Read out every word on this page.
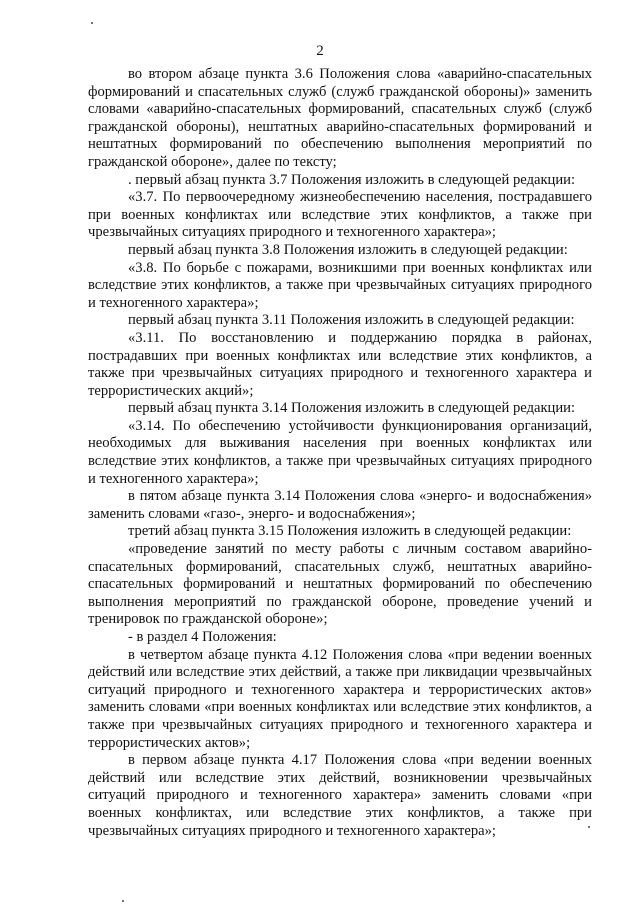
2

во втором абзаце пункта 3.6 Положения слова «аварийно-спасательных формирований и спасательных служб (служб гражданской обороны)» заменить словами «аварийно-спасательных формирований, спасательных служб (служб гражданской обороны), нештатных аварийно-спасательных формирований и нештатных формирований по обеспечению выполнения мероприятий по гражданской обороне», далее по тексту;

. первый абзац пункта 3.7 Положения изложить в следующей редакции:

«3.7. По первоочередному жизнеобеспечению населения, пострадавшего при военных конфликтах или вследствие этих конфликтов, а также при чрезвычайных ситуациях природного и техногенного характера»;

первый абзац пункта 3.8 Положения изложить в следующей редакции:

«3.8. По борьбе с пожарами, возникшими при военных конфликтах или вследствие этих конфликтов, а также при чрезвычайных ситуациях природного и техногенного характера»;

первый абзац пункта 3.11 Положения изложить в следующей редакции:

«3.11. По восстановлению и поддержанию порядка в районах, пострадавших при военных конфликтах или вследствие этих конфликтов, а также при чрезвычайных ситуациях природного и техногенного характера и террористических акций»;

первый абзац пункта 3.14 Положения изложить в следующей редакции:

«3.14. По обеспечению устойчивости функционирования организаций, необходимых для выживания населения при военных конфликтах или вследствие этих конфликтов, а также при чрезвычайных ситуациях природного и техногенного характера»;

в пятом абзаце пункта 3.14 Положения слова «энерго- и водоснабжения» заменить словами «газо-, энерго- и водоснабжения»;

третий абзац пункта 3.15 Положения изложить в следующей редакции:

«проведение занятий по месту работы с личным составом аварийно-спасательных формирований, спасательных служб, нештатных аварийно-спасательных формирований и нештатных формирований по обеспечению выполнения мероприятий по гражданской обороне, проведение учений и тренировок по гражданской обороне»;

- в раздел 4 Положения:

в четвертом абзаце пункта 4.12 Положения слова «при ведении военных действий или вследствие этих действий, а также при ликвидации чрезвычайных ситуаций природного и техногенного характера и террористических актов» заменить словами «при военных конфликтах или вследствие этих конфликтов, а также при чрезвычайных ситуациях природного и техногенного характера и террористических актов»;

в первом абзаце пункта 4.17 Положения слова «при ведении военных действий или вследствие этих действий, возникновении чрезвычайных ситуаций природного и техногенного характера» заменить словами «при военных конфликтах, или вследствие этих конфликтов, а также при чрезвычайных ситуациях природного и техногенного характера»;
